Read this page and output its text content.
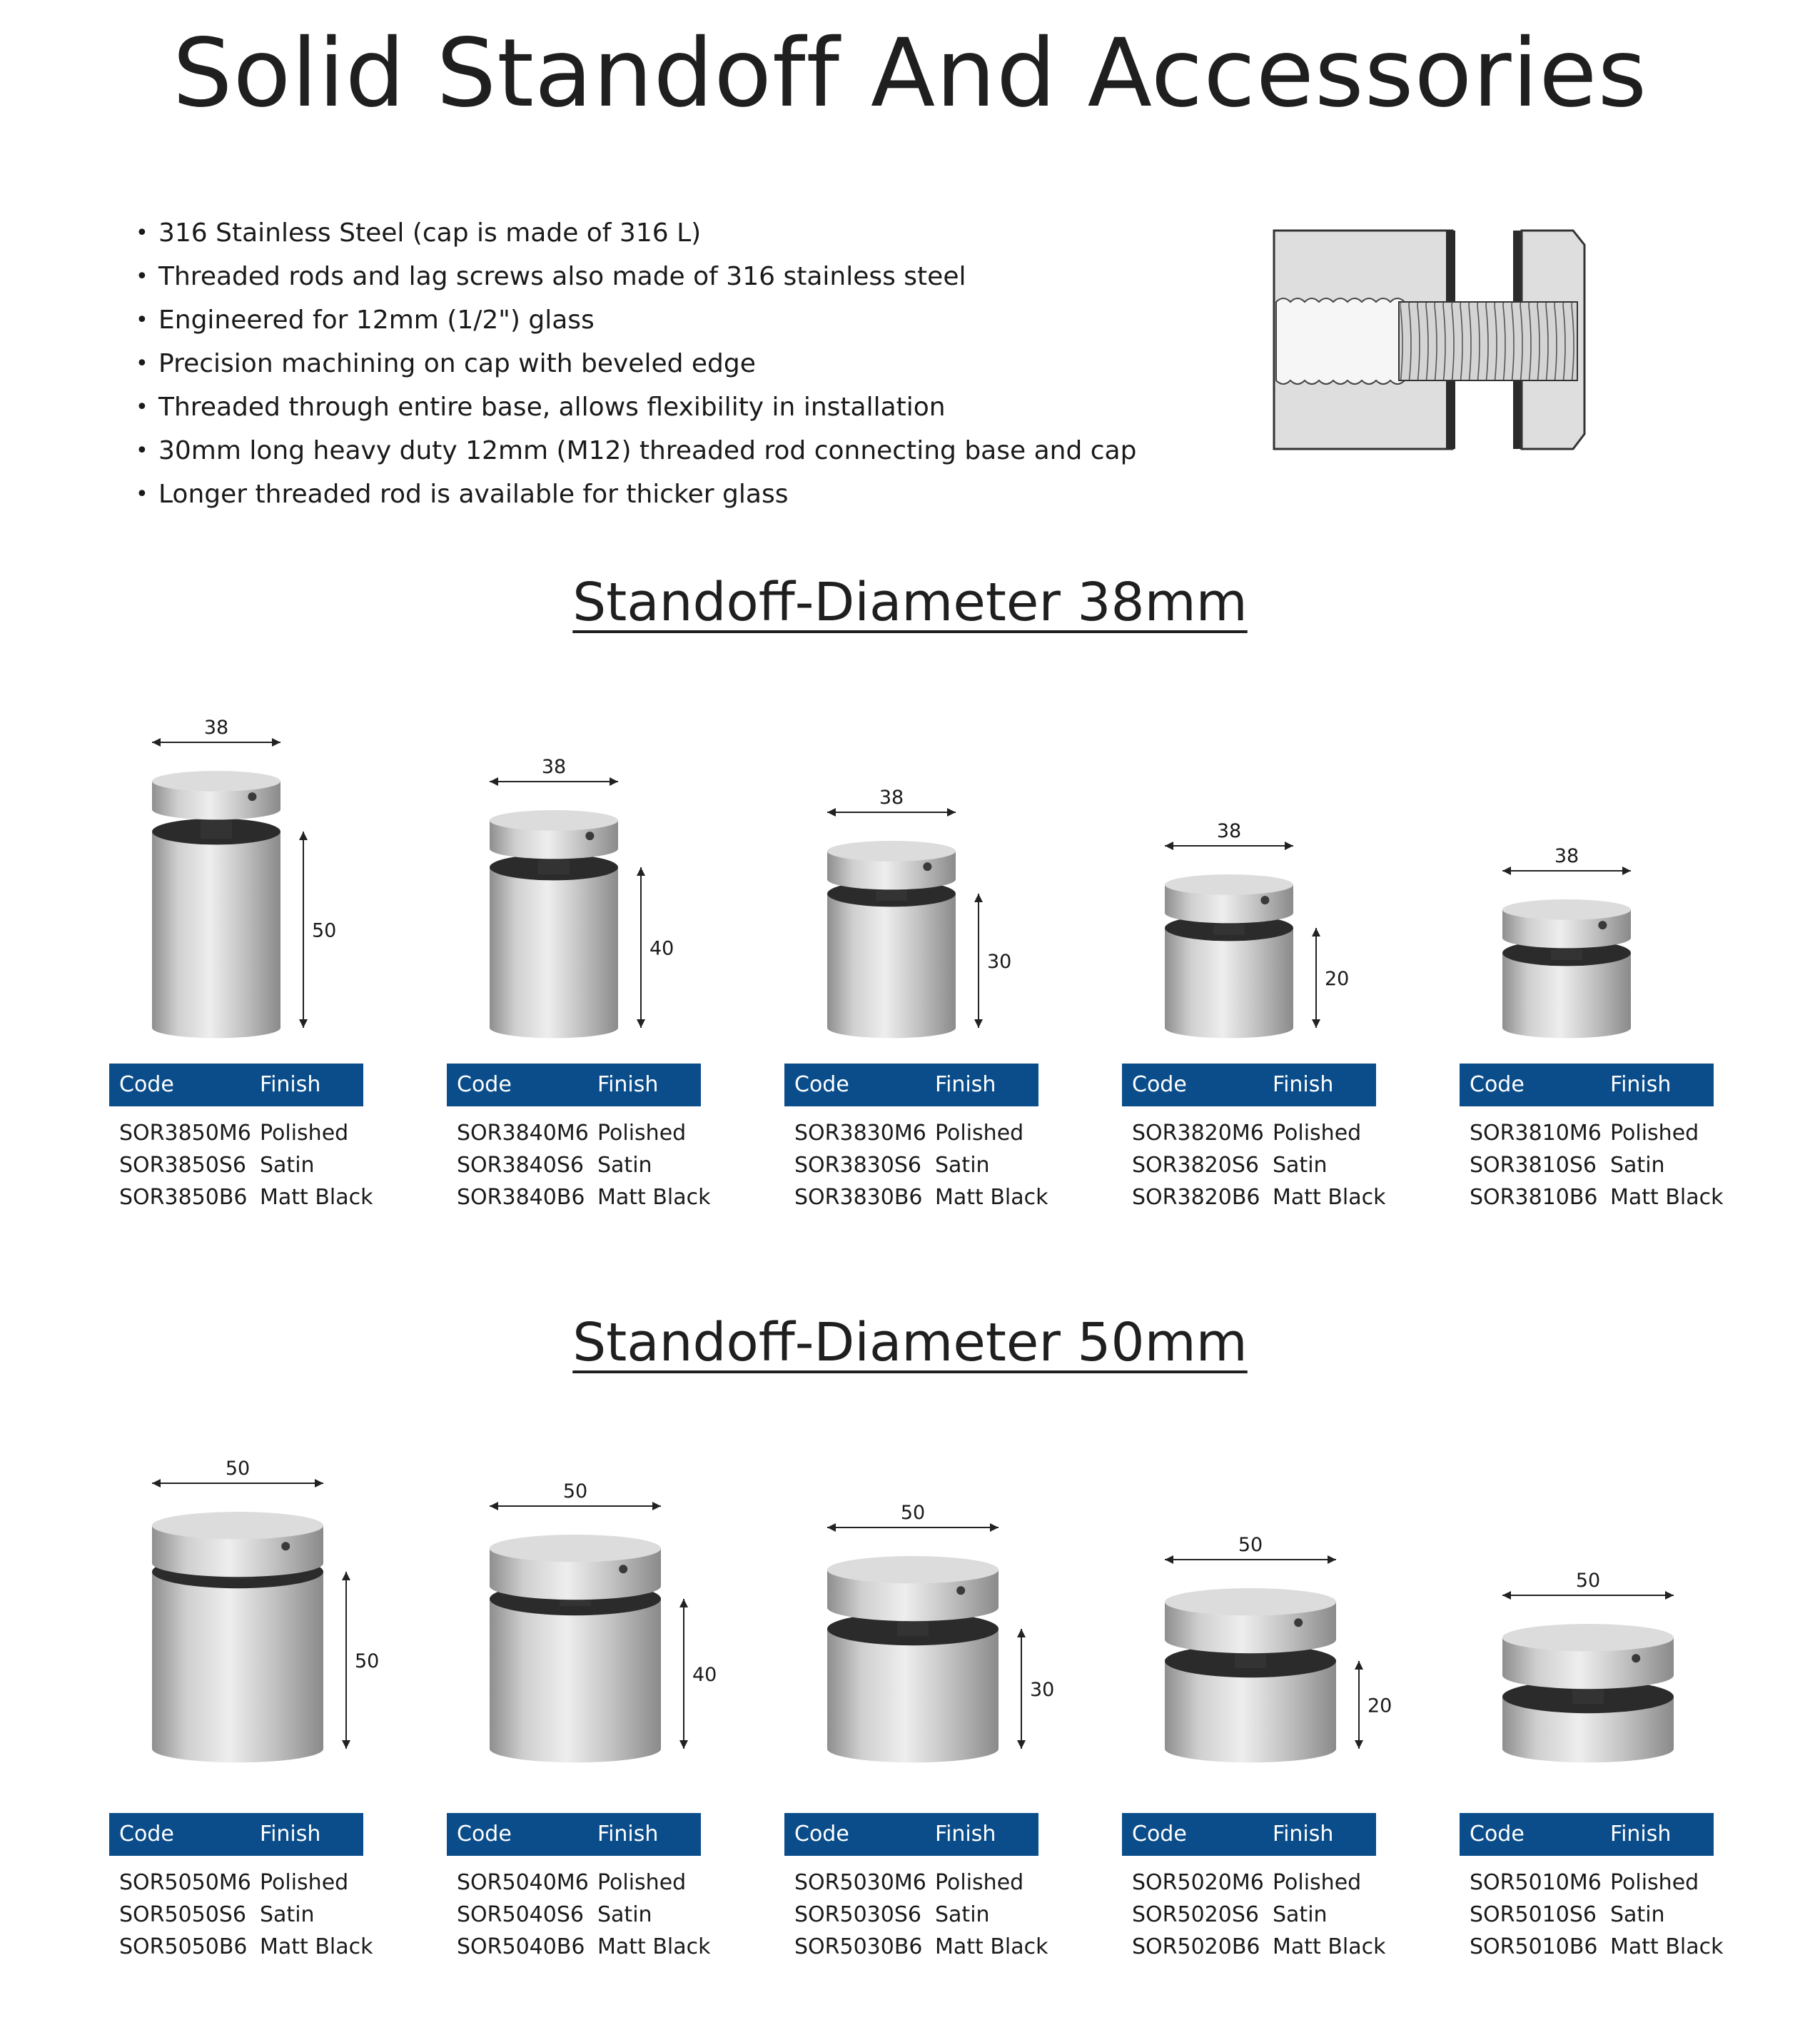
Solid Standoff And Accessories
• 316 Stainless Steel (cap is made of 316 L)
• Threaded rods and lag screws also made of 316 stainless steel
• Engineered for 12mm (1/2") glass
• Precision machining on cap with beveled edge
• Threaded through entire base, allows flexibility in installation
• 30mm long heavy duty 12mm (M12) threaded rod connecting base and cap
• Longer threaded rod is available for thicker glass
Standoff-Diameter 38mm
Standoff-Diameter 50mm
38
50
Code	Finish
SOR3850M6 Polished
SOR3850S6 Satin
SOR3850B6 Matt Black
38
40
Code	Finish
SOR3840M6 Polished
SOR3840S6 Satin
SOR3840B6 Matt Black
38
30
Code	Finish
SOR3830M6 Polished
SOR3830S6 Satin
SOR3830B6 Matt Black
38
20
Code	Finish
SOR3820M6 Polished
SOR3820S6 Satin
SOR3820B6 Matt Black
38
Code	Finish
SOR3810M6 Polished
SOR3810S6 Satin
SOR3810B6 Matt Black
50
50
Code	Finish
SOR5050M6 Polished
SOR5050S6 Satin
SOR5050B6 Matt Black
50
40
Code	Finish
SOR5040M6 Polished
SOR5040S6 Satin
SOR5040B6 Matt Black
50
30
Code	Finish
SOR5030M6 Polished
SOR5030S6 Satin
SOR5030B6 Matt Black
50
20
Code	Finish
SOR5020M6 Polished
SOR5020S6 Satin
SOR5020B6 Matt Black
50
Code	Finish
SOR5010M6 Polished
SOR5010S6 Satin
SOR5010B6 Matt Black
